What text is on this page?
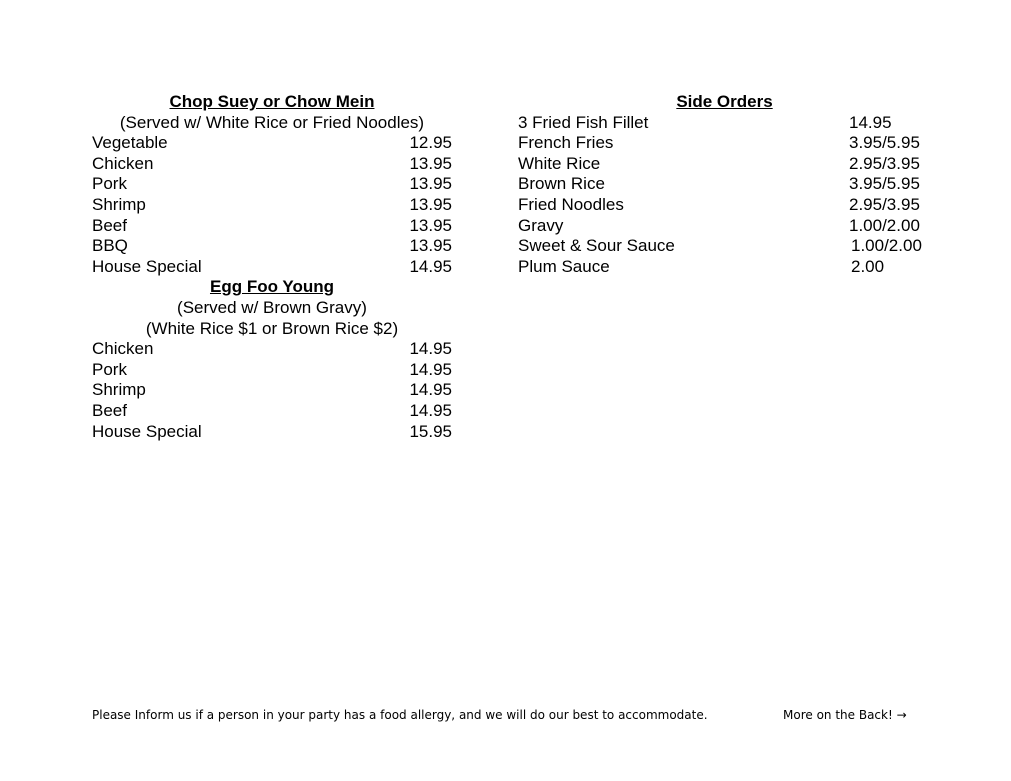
Chop Suey or Chow Mein
(Served w/ White Rice or Fried Noodles)
Vegetable	12.95
Chicken	13.95
Pork	13.95
Shrimp	13.95
Beef	13.95
BBQ	13.95
House Special	14.95
Egg Foo Young
(Served w/ Brown Gravy)
(White Rice $1 or Brown Rice $2)
Chicken	14.95
Pork	14.95
Shrimp	14.95
Beef	14.95
House Special	15.95
Side Orders
3 Fried Fish Fillet	14.95
French Fries	3.95/5.95
White Rice	2.95/3.95
Brown Rice	3.95/5.95
Fried Noodles	2.95/3.95
Gravy	1.00/2.00
Sweet & Sour Sauce	1.00/2.00
Plum Sauce	2.00
Please Inform us if a person in your party has a food allergy, and we will do our best to accommodate.	More on the Back! →
